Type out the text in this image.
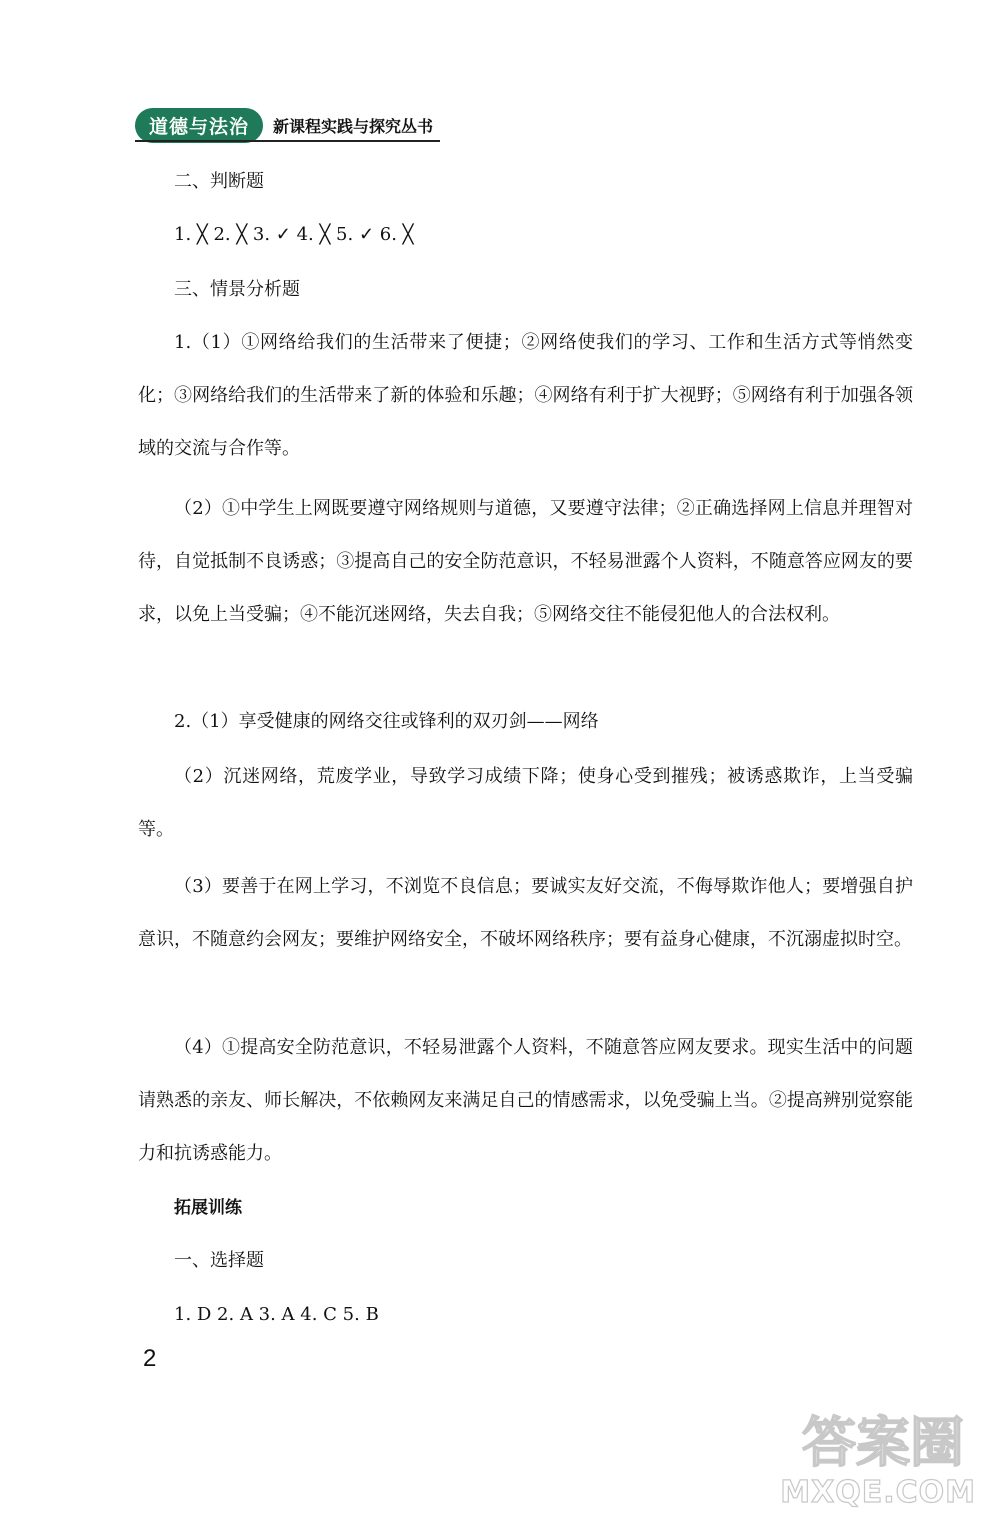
道德与法治	新课程实践与探究丛书

二、判断题

1. ╳ 2. ╳ 3. ✓ 4. ╳ 5. ✓ 6. ╳

三、情景分析题

1.（1）①网络给我们的生活带来了便捷；②网络使我们的学习、工作和生活方式等悄然变化；③网络给我们的生活带来了新的体验和乐趣；④网络有利于扩大视野；⑤网络有利于加强各领域的交流与合作等。

（2）①中学生上网既要遵守网络规则与道德，又要遵守法律；②正确选择网上信息并理智对待，自觉抵制不良诱惑；③提高自己的安全防范意识，不轻易泄露个人资料，不随意答应网友的要求，以免上当受骗；④不能沉迷网络，失去自我；⑤网络交往不能侵犯他人的合法权利。

2.（1）享受健康的网络交往或锋利的双刃剑——网络

（2）沉迷网络，荒废学业，导致学习成绩下降；使身心受到摧残；被诱惑欺诈，上当受骗等。

（3）要善于在网上学习，不浏览不良信息；要诚实友好交流，不侮辱欺诈他人；要增强自护意识，不随意约会网友；要维护网络安全，不破坏网络秩序；要有益身心健康，不沉溺虚拟时空。

（4）①提高安全防范意识，不轻易泄露个人资料，不随意答应网友要求。现实生活中的问题请熟悉的亲友、师长解决，不依赖网友来满足自己的情感需求，以免受骗上当。②提高辨别觉察能力和抗诱惑能力。

拓展训练

一、选择题

1. D 2. A 3. A 4. C 5. B

2
答案圈
MXQE.COM
